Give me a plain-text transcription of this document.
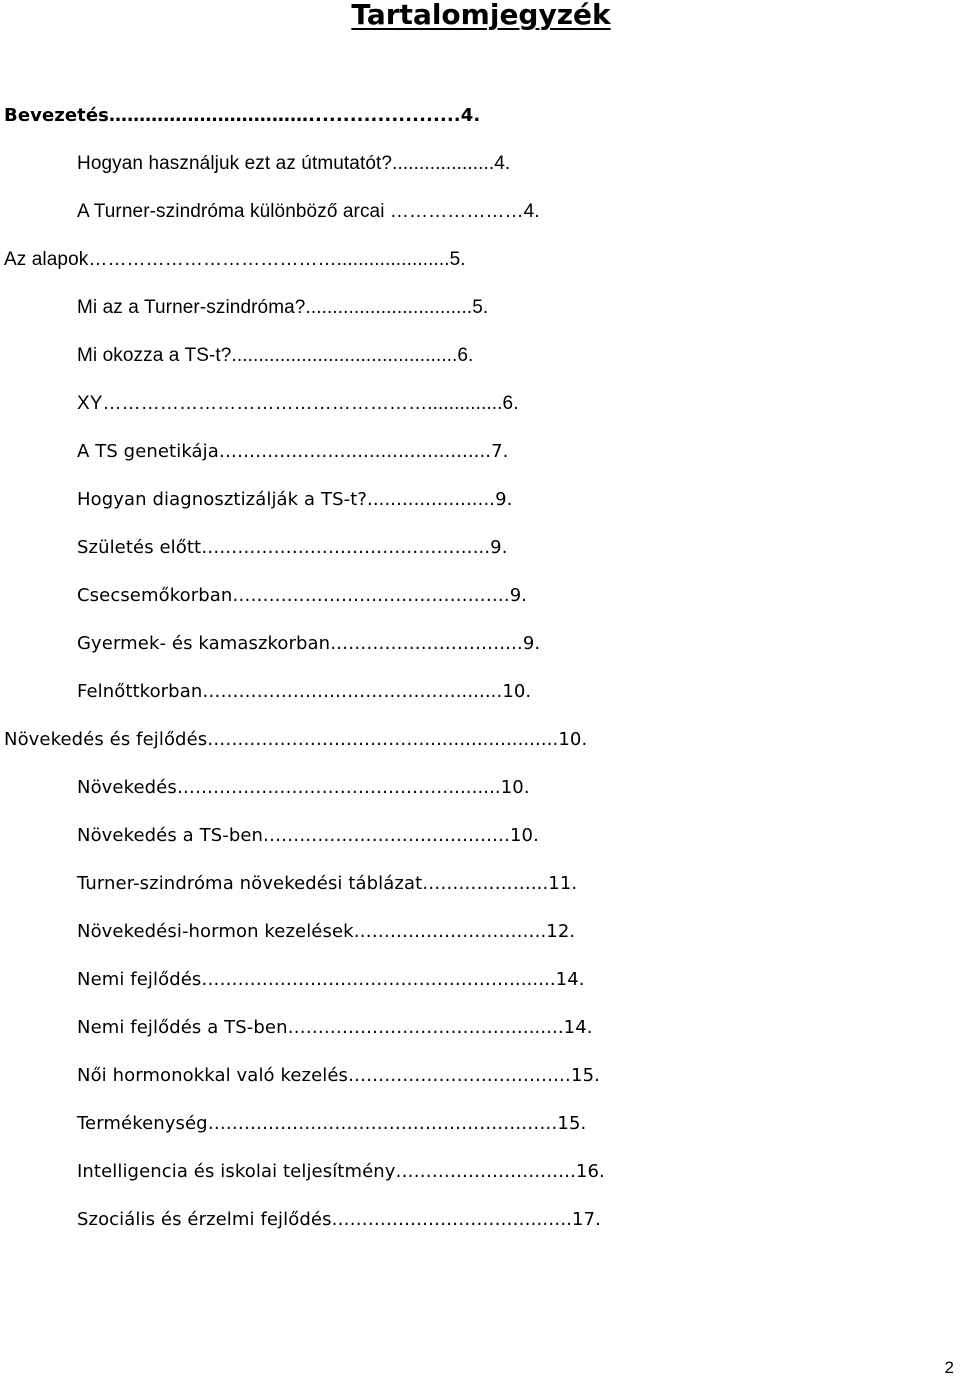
Tartalomjegyzék
Bevezetés……………………………......................4.
Hogyan használjuk ezt az útmutatót?...................4.
A Turner-szindróma különböző arcai …………………4.
Az alapok………………………………….....................5.
Mi az a Turner-szindróma?...............................5.
Mi okozza a TS-t?..........................................6.
XY……………………………………………..............6.
A TS genetikája………………….........................7.
Hogyan diagnosztizálják a TS-t?......................9.
Születés előtt………………………………………...9.
Csecsemőkorban……………………………………….9.
Gyermek- és kamaszkorban…………………………..9.
Felnőttkorban……………………………………........10.
Növekedés és fejlődés……………………………….......................10.
Növekedés……………………………………….........10.
Növekedés a TS-ben…………………………….…….10.
Turner-szindróma növekedési táblázat………………...11.
Növekedési-hormon kezelések…………………………..12.
Nemi fejlődés……………………………………………........14.
Nemi fejlődés a TS-ben………………………………….......14.
Női hormonokkal való kezelés…………………………….…15.
Termékenység…………………………………………….……15.
Intelligencia és iskolai teljesítmény…………………….…..16.
Szociális és érzelmi fejlődés……………………………..…..17.
2
